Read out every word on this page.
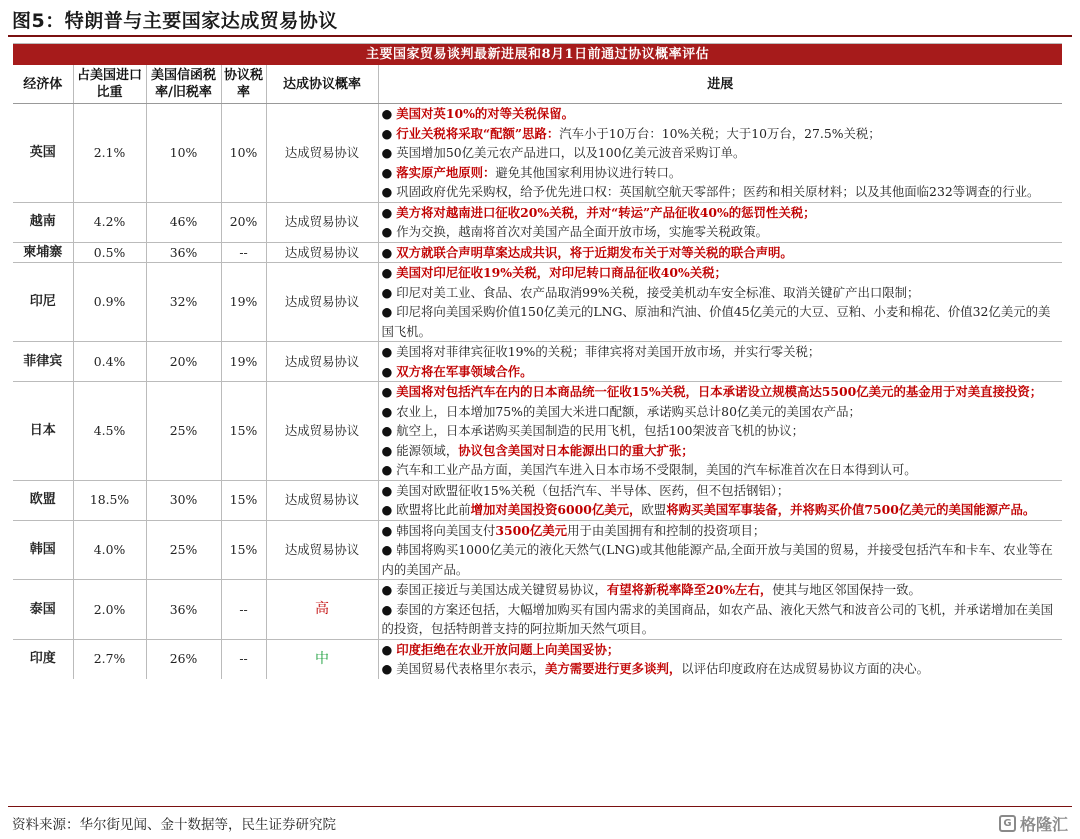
图5：特朗普与主要国家达成贸易协议
主要国家贸易谈判最新进展和8月1日前通过协议概率评估					
经济体	占美国进口比重	美国信函税率/旧税率	协议税率	达成协议概率	进展
英国	2.1%	10%	10%	达成贸易协议	● 美国对英10%的对等关税保留。
● 行业关税将采取“配额”思路：汽车小于10万台：10%关税；大于10万台，27.5%关税；
● 英国增加50亿美元农产品进口，以及100亿美元波音采购订单。
● 落实原产地原则：避免其他国家利用协议进行转口。
● 巩固政府优先采购权，给予优先进口权：英国航空航天零部件；医药和相关原材料；以及其他面临232等调查的行业。

越南	4.2%	46%	20%	达成贸易协议	● 美方将对越南进口征收20%关税，并对“转运”产品征收40%的惩罚性关税；
● 作为交换，越南将首次对美国产品全面开放市场，实施零关税政策。

柬埔寨	0.5%	36%	--	达成贸易协议	● 双方就联合声明草案达成共识，将于近期发布关于对等关税的联合声明。

印尼	0.9%	32%	19%	达成贸易协议	● 美国对印尼征收19%关税，对印尼转口商品征收40%关税；
● 印尼对美工业、食品、农产品取消99%关税，接受美机动车安全标准、取消关键矿产出口限制；
● 印尼将向美国采购价值150亿美元的LNG、原油和汽油、价值45亿美元的大豆、豆粕、小麦和棉花、价值32亿美元的美国飞机。

菲律宾	0.4%	20%	19%	达成贸易协议	● 美国将对菲律宾征收19%的关税；菲律宾将对美国开放市场，并实行零关税；
● 双方将在军事领域合作。

日本	4.5%	25%	15%	达成贸易协议	● 美国将对包括汽车在内的日本商品统一征收15%关税，日本承诺设立规模高达5500亿美元的基金用于对美直接投资；
● 农业上，日本增加75%的美国大米进口配额，承诺购买总计80亿美元的美国农产品；
● 航空上，日本承诺购买美国制造的民用飞机，包括100架波音飞机的协议；
● 能源领域，协议包含美国对日本能源出口的重大扩张；
● 汽车和工业产品方面，美国汽车进入日本市场不受限制，美国的汽车标准首次在日本得到认可。

欧盟	18.5%	30%	15%	达成贸易协议	● 美国对欧盟征收15%关税（包括汽车、半导体、医药，但不包括钢铝）；
● 欧盟将比此前增加对美国投资6000亿美元，欧盟将购买美国军事装备，并将购买价值7500亿美元的美国能源产品。

韩国	4.0%	25%	15%	达成贸易协议	● 韩国将向美国支付3500亿美元用于由美国拥有和控制的投资项目；
● 韩国将购买1000亿美元的液化天然气(LNG)或其他能源产品,全面开放与美国的贸易，并接受包括汽车和卡车、农业等在内的美国产品。

泰国	2.0%	36%	--	高	● 泰国正接近与美国达成关键贸易协议，有望将新税率降至20%左右，使其与地区邻国保持一致。
● 泰国的方案还包括，大幅增加购买有国内需求的美国商品，如农产品、液化天然气和波音公司的飞机，并承诺增加在美国的投资，包括特朗普支持的阿拉斯加天然气项目。

印度	2.7%	26%	--	中	● 印度拒绝在农业开放问题上向美国妥协；
● 美国贸易代表格里尔表示，美方需要进行更多谈判，以评估印度政府在达成贸易协议方面的决心。
资料来源：华尔街见闻、金十数据等，民生证券研究院	G 格隆汇
